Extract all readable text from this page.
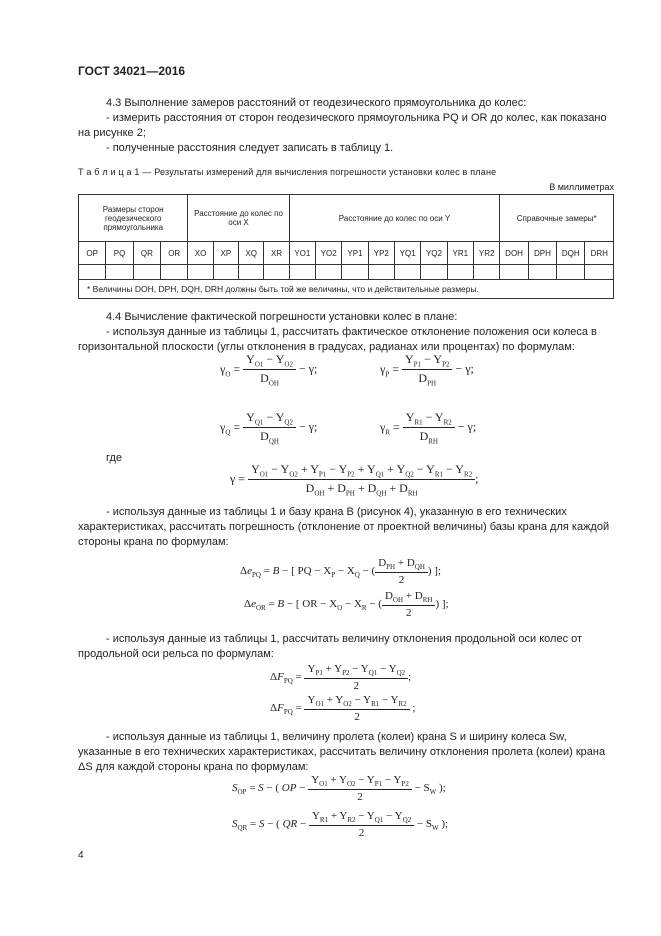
ГОСТ 34021—2016
4.3 Выполнение замеров расстояний от геодезического прямоугольника до колес:
- измерить расстояния от сторон геодезического прямоугольника PQ и OR до колес, как показано на рисунке 2;
- полученные расстояния следует записать в таблицу 1.
Т а б л и ц а 1 — Результаты измерений для вычисления погрешности установки колес в плане
В миллиметрах
Размеры сторон геодезического прямоугольника				Расстояние до колес по оси X				Расстояние до колес по оси Y								Справочные замеры*			
OP	PQ	QR	OR	XO	XP	XQ	XR	YO1	YO2	YP1	YP2	YQ1	YQ2	YR1	YR2	DOH	DPH	DQH	DRH

* Величины DOH, DPH, DQH, DRH должны быть той же величины, что и действительные размеры.																			
4.4 Вычисление фактической погрешности установки колес в плане:
- используя данные из таблицы 1, рассчитать фактическое отклонение положения оси колеса в горизонтальной плоскости (углы отклонения в градусах, радианах или процентах) по формулам:
$\gamma_O$ =
$Y_{O1} - Y_{O2}$
$D_{OH}$
− γ;	$\gamma_P$ =
$Y_{P1} - Y_{P2}$
$D_{PH}$
− γ;
$\gamma_Q$ =
$Y_{Q1} - Y_{Q2}$
$D_{QH}$
− γ;	$\gamma_R$ =
$Y_{R1} - Y_{R2}$
$D_{RH}$
− γ;
где
γ =
$Y_{O1} - Y_{O2} + Y_{P1} - Y_{P2} + Y_{Q1} + Y_{Q2} - Y_{R1} - Y_{R2}$
$D_{OH} + D_{PH} + D_{QH} + D_{RH}$
;
- используя данные из таблицы 1 и базу крана B (рисунок 4), указанную в его технических характеристиках, рассчитать погрешность (отклонение от проектной величины) базы крана для каждой стороны крана по формулам:
$\Delta e_{PQ} = B$ − [ PQ − $X_P - X_Q$ − (
$D_{PH} + D_{QH}$
2
) ];
$\Delta e_{OR} = B$ − [ OR − $X_O - X_R$ − (
$D_{OH} + D_{RH}$
2
) ];
- используя данные из таблицы 1, рассчитать величину отклонения продольной оси колес от продольной оси рельса по формулам:
$\Delta F_{PQ} = \frac{Y_{P1} + Y_{P2} - Y_{Q1} - Y_{Q2}}{2}$ ;
$\Delta F_{PQ} = \frac{Y_{O1} + Y_{O2} - Y_{R1} - Y_{R2}}{2}$ ;
- используя данные из таблицы 1, величину пролета (колеи) крана S и ширину колеса Sw, указанные в его технических характеристиках, рассчитать величину отклонения пролета (колеи) крана ΔS для каждой стороны крана по формулам:
$S_{OP} = S$ − ( OP − $\frac{Y_{O1} + Y_{O2} - Y_{P1} - Y_{P2}}{2} - S_W$ );
$S_{QR} = S$ − ( QR − $\frac{Y_{R1} + Y_{R2} - Y_{Q1} - Y_{Q2}}{2} - S_W$ );
4
